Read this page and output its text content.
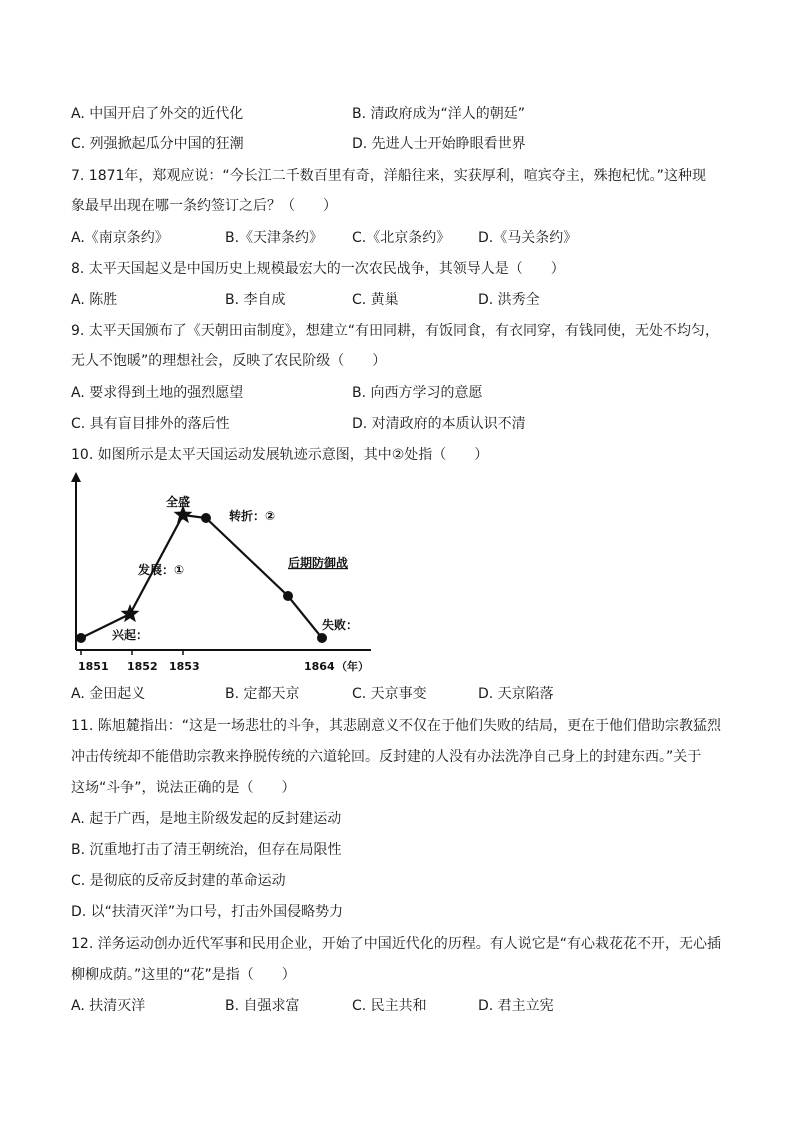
A. 中国开启了外交的近代化	B. 清政府成为“洋人的朝廷”
C. 列强掀起瓜分中国的狂潮	D. 先进人士开始睁眼看世界
7. 1871年，郑观应说：“今长江二千数百里有奇，洋船往来，实获厚利，喧宾夺主，殊抱杞忧。”这种现
象最早出现在哪一条约签订之后？（　　）
A.《南京条约》	B.《天津条约》 C.《北京条约》 D.《马关条约》
8. 太平天国起义是中国历史上规模最宏大的一次农民战争，其领导人是（　　）
A. 陈胜	B. 李自成	C. 黄巢	D. 洪秀全
9. 太平天国颁布了《天朝田亩制度》，想建立“有田同耕，有饭同食，有衣同穿，有钱同使，无处不均匀，
无人不饱暖”的理想社会，反映了农民阶级（　　）
A. 要求得到土地的强烈愿望	B. 向西方学习的意愿
C. 具有盲目排外的落后性	D. 对清政府的本质认识不清
10. 如图所示是太平天国运动发展轨迹示意图，其中②处指（　　）
兴起：
发展：①
全盛
转折：②
后期防御战
失败：
1851 1852 1853	1864 （年）
A. 金田起义	B. 定都天京	C. 天京事变	D. 天京陷落
11. 陈旭麓指出：“这是一场悲壮的斗争，其悲剧意义不仅在于他们失败的结局，更在于他们借助宗教猛烈
冲击传统却不能借助宗教来挣脱传统的六道轮回。反封建的人没有办法洗净自己身上的封建东西。”关于
这场“斗争”，说法正确的是（　　）
A. 起于广西，是地主阶级发起的反封建运动
B. 沉重地打击了清王朝统治，但存在局限性
C. 是彻底的反帝反封建的革命运动
D. 以“扶清灭洋”为口号，打击外国侵略势力
12. 洋务运动创办近代军事和民用企业，开始了中国近代化的历程。有人说它是“有心栽花花不开，无心插
柳柳成荫。”这里的“花”是指（　　）
A. 扶清灭洋	B. 自强求富	C. 民主共和	D. 君主立宪
